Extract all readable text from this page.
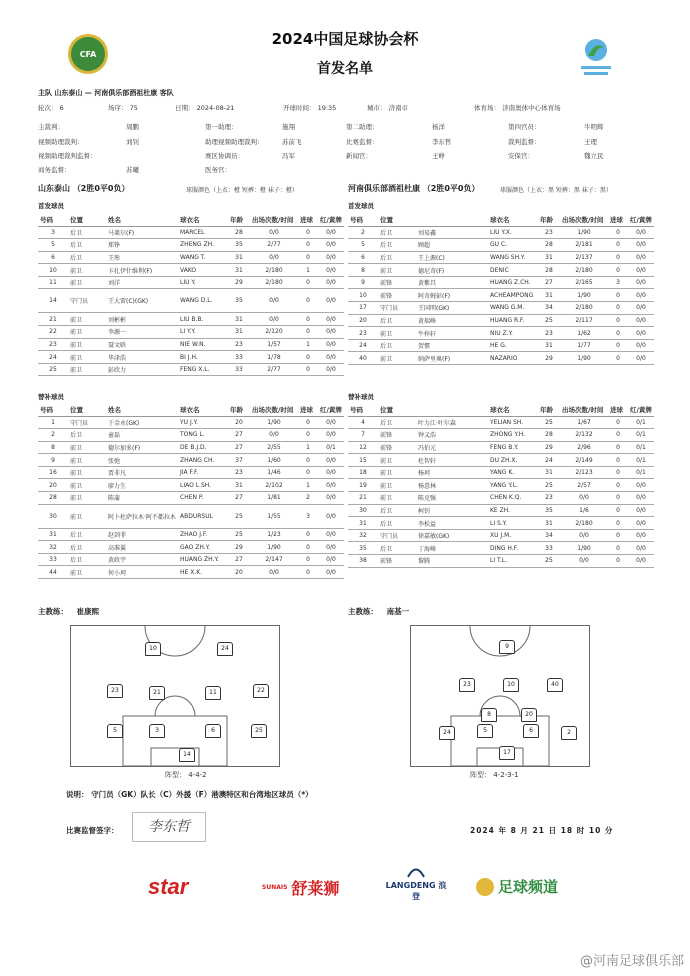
CFA
2024中国足球协会杯
首发名单
主队 山东泰山 — 河南俱乐部酒祖杜康 客队
轮次： 6	场序： 75	日期： 2024-08-21	开球时间： 19:35	城市： 济南市	体育场： 济南奥体中心体育场
主裁判：	周鹏	第一助理：	施翔	第二助理：	杨洋	第四官员：	牛明辉
视频助理裁判：	刘钊	助理视频助理裁判：	苏前飞	比赛监督：	李东哲	裁判监督：	王理
视频助理裁判监督：	赛区协调员：	冯军	新闻官：	王峥	安保官：	魏立民
商务监督：	苏曦	医务官：
山东泰山 （2胜0平0负）	球服颜色（上衣：橙 短裤：橙 袜子：橙）	河南俱乐部酒祖杜康 （2胜0平0负）	球服颜色（上衣：黑 短裤：黑 袜子：黑）
首发球员	首发球员
号码	位置	姓名	球衣名	年龄	出场次数/时间	进球	红/黄牌
3	后卫	马莱尔(F)	MARCEL	28	0/0	0	0/0
5	后卫	郑铮	ZHENG ZH.	35	2/77	0	0/0
6	后卫	王彤	WANG T.	31	0/0	0	0/0
10	前卫	卡扎伊什维利(F)	VAKO	31	2/180	1	0/0
11	前卫	刘洋	LIU Y.	29	2/180	0	0/0
14	守门员	王大雷(C)(GK)	WANG D.L.	35	0/0	0	0/0
21	前卫	刘彬彬	LIU B.B.	31	0/0	0	0/0
22	前卫	李源一	LI Y.Y.	31	2/120	0	0/0
23	前卫	聂文晗	NIE W.N.	23	1/57	1	0/0
24	前卫	毕津浩	BI J.H.	33	1/78	0	0/0
25	前卫	彭欣力	FENG X.L.	33	2/77	0	0/0
号码	位置		球衣名	年龄	出场次数/时间	进球	红/黄牌
2	后卫	刘易鑫	LIU Y.X.	23	1/90	0	0/0
5	后卫	顾超	GU C.	28	2/181	0	0/0
6	后卫	王上源(C)	WANG SH.Y.	31	2/137	0	0/0
8	前卫	德尼奇(F)	DENIC	28	2/180	0	0/0
9	前锋	黄紫昌	HUANG Z.CH.	27	2/165	3	0/0
10	前锋	阿奇姆彭(F)	ACHEAMPONG	31	1/90	0	0/0
17	守门员	王国明(GK)	WANG G.M.	34	2/180	0	0/0
20	后卫	黄瑞峰	HUANG R.F.	25	2/117	0	0/0
23	前卫	牛梓轩	NIU Z.Y.	23	1/62	0	0/0
24	后卫	贺惯	HE G.	31	1/77	0	0/0
40	前卫	纳萨里奥(F)	NAZARIO	29	1/90	0	0/0
替补球员	替补球员
号码	位置	姓名	球衣名	年龄	出场次数/时间	进球	红/黄牌
1	守门员	于金永(GK)	YU J.Y.	20	1/90	0	0/0
2	后卫	童磊	TONG L.	27	0/0	0	0/0
8	前卫	德尔加多(F)	DE B.J.D.	27	2/55	1	0/1
9	前卫	张弛	ZHANG CH.	37	1/60	0	0/0
16	前卫	贾非凡	JIA F.F.	23	1/46	0	0/0
20	前卫	廖力生	LIAO L.SH.	31	2/102	1	0/0
28	前卫	陈蒲	CHEN P.	27	1/81	2	0/0
30	前卫	阿卜杜萨拉木·阿不都拉木	ABDURSUL	25	1/55	3	0/0
31	后卫	赵剑菲	ZHAO J.F.	25	1/23	0	0/0
32	后卫	高准翼	GAO ZH.Y.	29	1/90	0	0/0
33	后卫	黄政宇	HUANG ZH.Y.	27	2/147	0	0/0
44	前卫	何小珂	HE X.K.	20	0/0	0	0/0
号码	位置		球衣名	年龄	出场次数/时间	进球	红/黄牌
4	后卫	叶力江·叶尔森	YELIAN SH.	25	1/67	0	0/1
7	前锋	钟义浩	ZHONG Y.H.	28	2/132	0	0/1
12	前锋	冯伯元	FENG B.Y.	29	2/96	0	0/1
15	前卫	杜智轩	DU ZH.X.	24	2/149	0	0/1
18	前卫	杨珂	YANG K.	31	2/123	0	0/1
19	前卫	杨意林	YANG Y.L.	25	2/57	0	0/0
21	前卫	陈克强	CHEN K.Q.	23	0/0	0	0/0
30	后卫	柯钊	KE ZH.	35	1/6	0	0/0
31	后卫	李松益	LI S.Y.	31	2/180	0	0/0
32	守门员	徐嘉敏(GK)	XU J.M.	34	0/0	0	0/0
35	后卫	丁海峰	DING H.F.	33	1/90	0	0/0
38	前锋	黎腾	LI T.L.	25	0/0	0	0/0
主教练： 崔康熙	主教练： 南基一
10	24
23	21	11	22
5	3	6	25
14
9
23	10	40
8	20
24	5	6	2
17
阵型： 4-4-2	阵型： 4-2-3-1
说明： 守门员（GK）队长（C）外援（F）港澳特区和台湾地区球员（*）
比赛监督签字：	李东哲	2024 年 8 月 21 日 18 时 10 分
star	SUNAIS 舒莱狮	LANGDENG 浪登
足球频道
@河南足球俱乐部
